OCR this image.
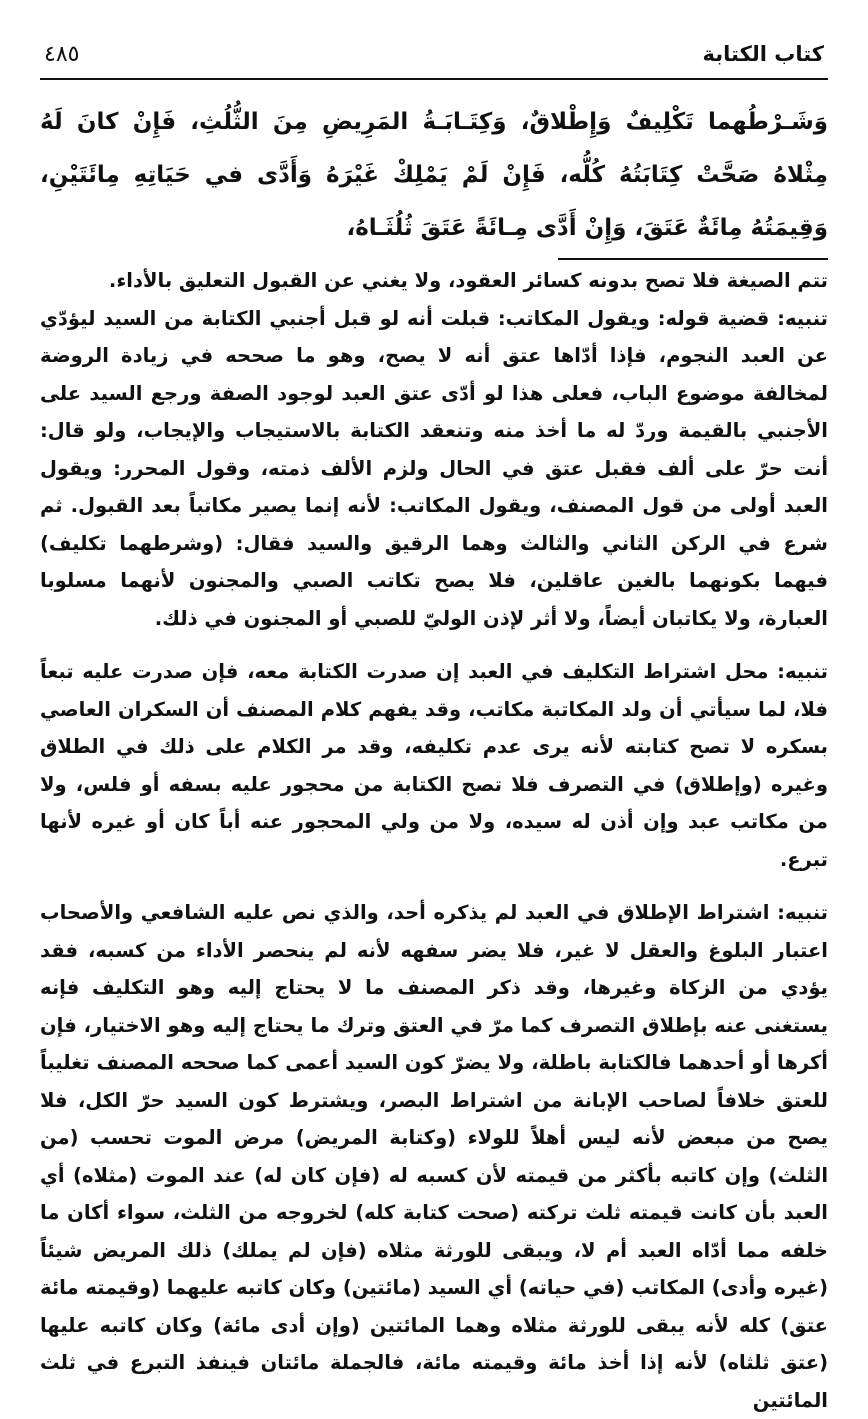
كتاب الكتابة
٤٨٥
وَشَـرْطُهما تَكْلِيفٌ وَإِطْلاقٌ، وَكِتَـابَـةُ المَرِيضِ مِنَ الثُّلُثِ، فَإِنْ كانَ لَهُ مِثْلاهُ صَحَّتْ كِتَابَتُهُ كُلُّه، فَإِنْ لَمْ يَمْلِكْ غَيْرَهُ وَأَدَّى في حَيَاتِهِ مِائَتَيْنِ، وَقِيمَتُهُ مِائَةٌ عَتَقَ، وَإِنْ أَدَّى مِـائَةً عَتَقَ ثُلُثَـاهُ،

تتم الصيغة فلا تصح بدونه كسائر العقود، ولا يغني عن القبول التعليق بالأداء.

تنبيه: قضية قوله: ويقول المكاتب: قبلت أنه لو قبل أجنبي الكتابة من السيد ليؤدّي عن العبد النجوم، فإذا أدّاها عتق أنه لا يصح، وهو ما صححه في زيادة الروضة لمخالفة موضوع الباب، فعلى هذا لو أدّى عتق العبد لوجود الصفة ورجع السيد على الأجنبي بالقيمة وردّ له ما أخذ منه وتنعقد الكتابة بالاستيجاب والإيجاب، ولو قال: أنت حرّ على ألف فقبل عتق في الحال ولزم الألف ذمته، وقول المحرر: ويقول العبد أولى من قول المصنف، ويقول المكاتب: لأنه إنما يصير مكاتباً بعد القبول. ثم شرع في الركن الثاني والثالث وهما الرقيق والسيد فقال: (وشرطهما تكليف) فيهما بكونهما بالغين عاقلين، فلا يصح تكاتب الصبي والمجنون لأنهما مسلوبا العبارة، ولا يكاتبان أيضاً، ولا أثر لإذن الوليّ للصبي أو المجنون في ذلك.

تنبيه: محل اشتراط التكليف في العبد إن صدرت الكتابة معه، فإن صدرت عليه تبعاً فلا، لما سيأتي أن ولد المكاتبة مكاتب، وقد يفهم كلام المصنف أن السكران العاصي بسكره لا تصح كتابته لأنه يرى عدم تكليفه، وقد مر الكلام على ذلك في الطلاق وغيره (وإطلاق) في التصرف فلا تصح الكتابة من محجور عليه بسفه أو فلس، ولا من مكاتب عبد وإن أذن له سيده، ولا من ولي المحجور عنه أباً كان أو غيره لأنها تبرع.

تنبيه: اشتراط الإطلاق في العبد لم يذكره أحد، والذي نص عليه الشافعي والأصحاب اعتبار البلوغ والعقل لا غير، فلا يضر سفهه لأنه لم ينحصر الأداء من كسبه، فقد يؤدي من الزكاة وغيرها، وقد ذكر المصنف ما لا يحتاج إليه وهو التكليف فإنه يستغنى عنه بإطلاق التصرف كما مرّ في العتق وترك ما يحتاج إليه وهو الاختيار، فإن أكرها أو أحدهما فالكتابة باطلة، ولا يضرّ كون السيد أعمى كما صححه المصنف تغليباً للعتق خلافاً لصاحب الإبانة من اشتراط البصر، ويشترط كون السيد حرّ الكل، فلا يصح من مبعض لأنه ليس أهلاً للولاء (وكتابة المريض) مرض الموت تحسب (من الثلث) وإن كاتبه بأكثر من قيمته لأن كسبه له (فإن كان له) عند الموت (مثلاه) أي العبد بأن كانت قيمته ثلث تركته (صحت كتابة كله) لخروجه من الثلث، سواء أكان ما خلفه مما أدّاه العبد أم لا، ويبقى للورثة مثلاه (فإن لم يملك) ذلك المريض شيئاً (غيره وأدى) المكاتب (في حياته) أي السيد (مائتين) وكان كاتبه عليهما (وقيمته مائة عتق) كله لأنه يبقى للورثة مثلاه وهما المائتين (وإن أدى مائة) وكان كاتبه عليها (عتق ثلثاه) لأنه إذا أخذ مائة وقيمته مائة، فالجملة مائتان فينفذ التبرع في ثلث المائتين
